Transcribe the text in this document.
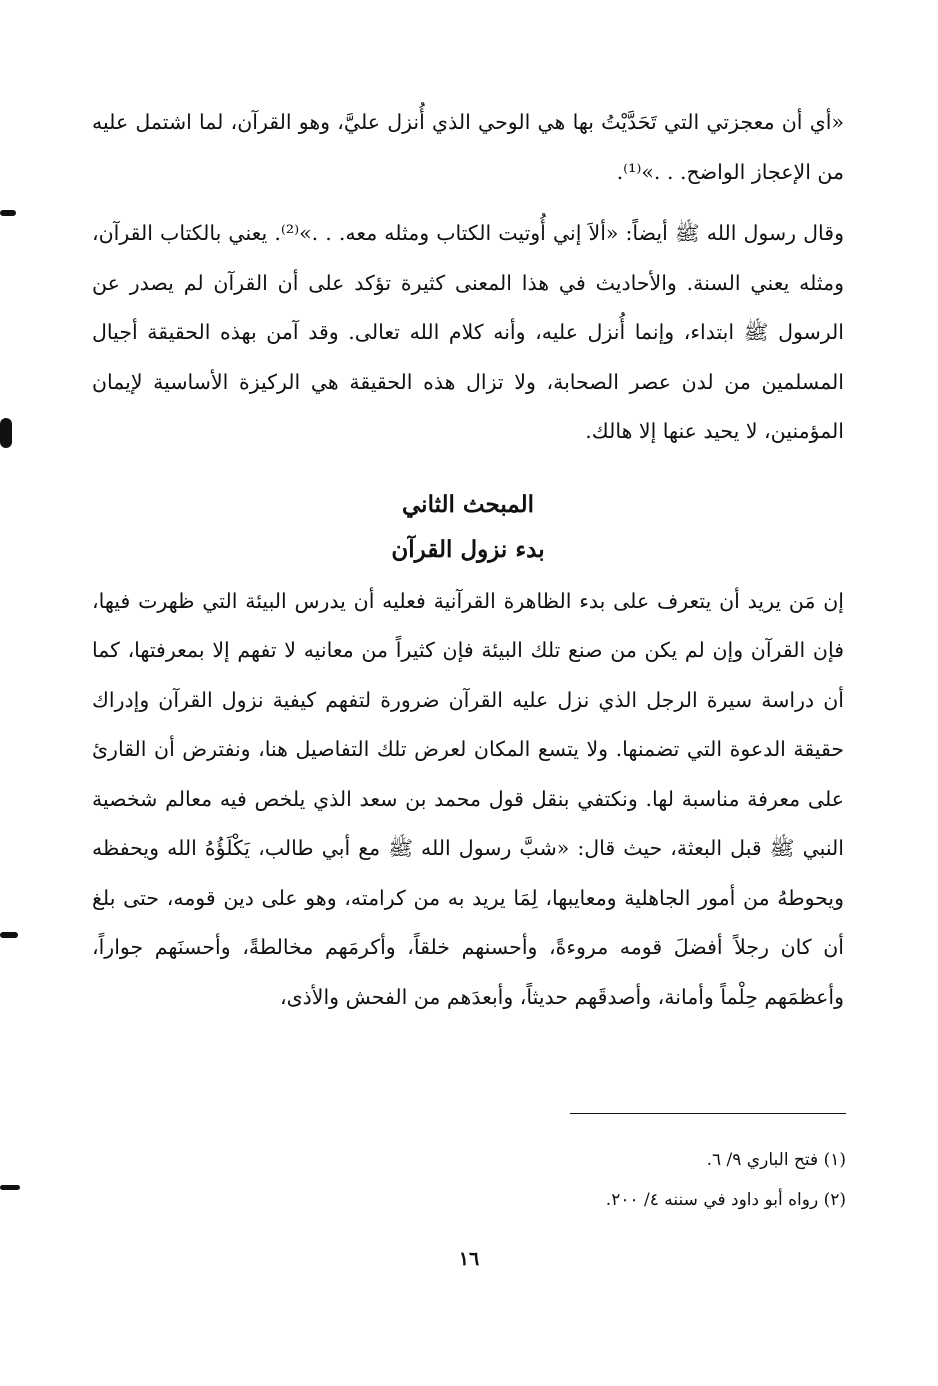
«أي أن معجزتي التي تَحَدَّيْتُ بها هي الوحي الذي أُنزل عليَّ، وهو القرآن، لما اشتمل عليه من الإعجاز الواضح. . .»⁽¹⁾.

وقال رسول الله ﷺ أيضاً: «ألاَ إني أُوتيت الكتاب ومثله معه. . .»⁽²⁾. يعني بالكتاب القرآن، ومثله يعني السنة. والأحاديث في هذا المعنى كثيرة تؤكد على أن القرآن لم يصدر عن الرسول ﷺ ابتداء، وإنما أُنزل عليه، وأنه كلام الله تعالى. وقد آمن بهذه الحقيقة أجيال المسلمين من لدن عصر الصحابة، ولا تزال هذه الحقيقة هي الركيزة الأساسية لإيمان المؤمنين، لا يحيد عنها إلا هالك.

المبحث الثاني

بدء نزول القرآن

إن مَن يريد أن يتعرف على بدء الظاهرة القرآنية فعليه أن يدرس البيئة التي ظهرت فيها، فإن القرآن وإن لم يكن من صنع تلك البيئة فإن كثيراً من معانيه لا تفهم إلا بمعرفتها، كما أن دراسة سيرة الرجل الذي نزل عليه القرآن ضرورة لتفهم كيفية نزول القرآن وإدراك حقيقة الدعوة التي تضمنها. ولا يتسع المكان لعرض تلك التفاصيل هنا، ونفترض أن القارئ على معرفة مناسبة لها. ونكتفي بنقل قول محمد بن سعد الذي يلخص فيه معالم شخصية النبي ﷺ قبل البعثة، حيث قال: «شبَّ رسول الله ﷺ مع أبي طالب، يَكْلَؤُهُ الله ويحفظه ويحوطهُ من أمور الجاهلية ومعايبها، لِمَا يريد به من كرامته، وهو على دين قومه، حتى بلغ أن كان رجلاً أفضلَ قومه مروءةً، وأحسنهم خلقاً، وأكرمَهم مخالطةً، وأحسنَهم جواراً، وأعظمَهم حِلْماً وأمانة، وأصدقَهم حديثاً، وأبعدَهم من الفحش والأذى،

(١) فتح الباري ٩/ ٦.

(٢) رواه أبو داود في سننه ٤/ ٢٠٠.

١٦
